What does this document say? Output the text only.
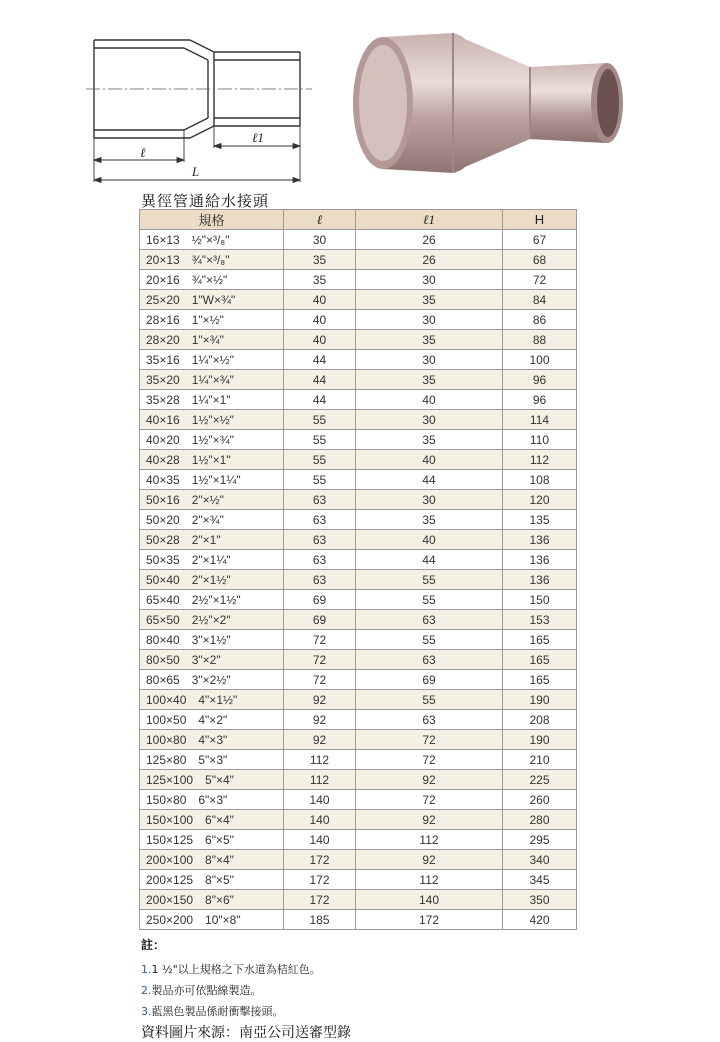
ℓ
ℓ1
L
異徑管通給水接頭
規格	ℓ	ℓ1	H
16×13　½"×³/₈"	30	26	67
20×13　¾"×³/₈"	35	26	68
20×16　¾"×½"	35	30	72
25×20　1"W×¾"	40	35	84
28×16　1"×½"	40	30	86
28×20　1"×¾"	40	35	88
35×16　1¼"×½"	44	30	100
35×20　1¼"×¾"	44	35	96
35×28　1¼"×1"	44	40	96
40×16　1½"×½"	55	30	114
40×20　1½"×¾"	55	35	110
40×28　1½"×1"	55	40	112
40×35　1½"×1¼"	55	44	108
50×16　2"×½"	63	30	120
50×20　2"×¾"	63	35	135
50×28　2"×1"	63	40	136
50×35　2"×1¼"	63	44	136
50×40　2"×1½"	63	55	136
65×40　2½"×1½"	69	55	150
65×50　2½"×2"	69	63	153
80×40　3"×1½"	72	55	165
80×50　3"×2"	72	63	165
80×65　3"×2½"	72	69	165
100×40　4"×1½"	92	55	190
100×50　4"×2"	92	63	208
100×80　4"×3"	92	72	190
125×80　5"×3"	112	72	210
125×100　5"×4"	112	92	225
150×80　6"×3"	140	72	260
150×100　6"×4"	140	92	280
150×125　6"×5"	140	112	295
200×100　8"×4"	172	92	340
200×125　8"×5"	172	112	345
200×150　8"×6"	172	140	350
250×200　10"×8"	185	172	420
註：
1.1 ½"以上規格之下水道為桔紅色。
2.製品亦可依點線製造。
3.藍黑色製品係耐衝擊接頭。
資料圖片來源：南亞公司送審型錄
